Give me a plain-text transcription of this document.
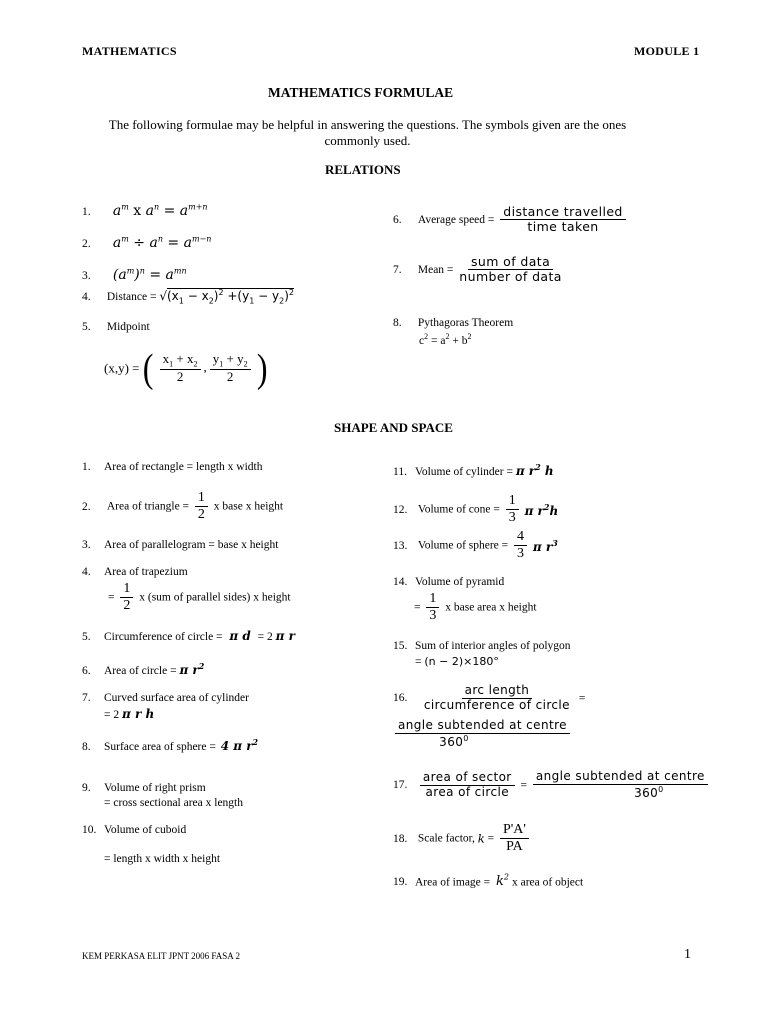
MATHEMATICS	MODULE 1
MATHEMATICS FORMULAE
The following formulae may be helpful in answering the questions. The symbols given are the ones commonly used.
RELATIONS
1. $a^m$ x $a^n = a^{m+n}$
2. $a^m \div a^n = a^{m-n}$
3. $(a^m)^n = a^{mn}$
4. Distance = $√(x_1 - x_2)^2 +(y_1 - y_2)^2$
5. Midpoint
(x,y) = ( $\frac{x_1 + x_2}{2}$ , $\frac{y_1 + y_2}{2}$ )
6. Average speed = $\frac{\text{distance travelled}}{\text{time taken}}$
7. Mean = $\frac{\text{sum of data}}{\text{number of data}}$
8. Pythagoras Theorem
$c^2 = a^2 + b^2$
SHAPE AND SPACE
1. Area of rectangle = length x width
2. Area of triangle = $\frac{1}{2}$ x base x height
3. Area of parallelogram = base x height
4. Area of trapezium
= $\frac{1}{2}$ x (sum of parallel sides) x height
5. Circumference of circle = π d = 2 π r
6. Area of circle = π $r^2$
7. Curved surface area of cylinder
= 2 π r h
8. Surface area of sphere = 4 π $r^2$
9. Volume of right prism
= cross sectional area x length
10. Volume of cuboid
= length x width x height
11. Volume of cylinder = π $r^2$ h
12. Volume of cone = $\frac{1}{3}$ π $r^2h$
13. Volume of sphere = $\frac{4}{3}$ π $r^3$
14. Volume of pyramid
= $\frac{1}{3}$ x base area x height
15. Sum of interior angles of polygon
= (n − 2)×180°
16. $\frac{\text{arc length}}{\text{circumference of circle}}$ =
$\frac{\text{angle subtended at centre}}{360^0}$
17. $\frac{\text{area of sector}}{\text{area of circle}} = \frac{\text{angle subtended at centre}}{360^0}$
18. Scale factor, $k = \frac{P'A'}{PA}$
19. Area of image = $k^2$ x area of object
KEM PERKASA ELIT JPNT 2006 FASA 2	1
